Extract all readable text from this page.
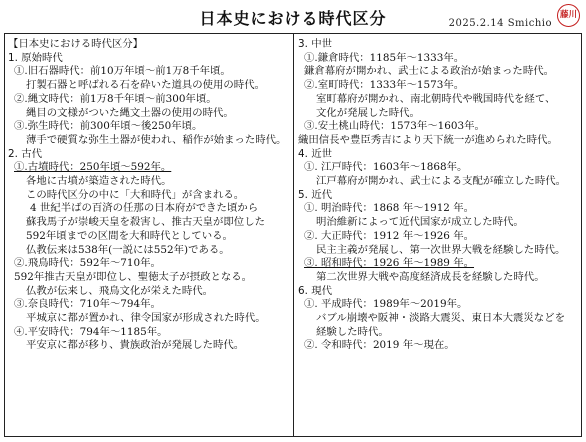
日本史における時代区分	2025.2.14 Smichio
藤川
【日本史における時代区分】
1. 原始時代
①.旧石器時代：前10万年頃～前1万8千年頃。
打製石器と呼ばれる石を砕いた道具の使用の時代。
②.縄文時代：前1万8千年頃～前300年頃。
縄目の文様がついた縄文土器の使用の時代。
③.弥生時代：前300年頃～後250年頃。
薄手で硬質な弥生土器が使われ、稲作が始まった時代。
2. 古代
①.古墳時代：250年頃～592年。
各地に古墳が築造された時代。
この時代区分の中に「大和時代」が含まれる。
4 世紀半ばの百済の任那の日本府ができた頃から
蘇我馬子が崇峻天皇を殺害し、推古天皇が即位した
592年頃までの区間を大和時代としている。
仏教伝来は538年(一説には552年)である。
②.飛鳥時代：592年～710年。
592年推古天皇が即位し、聖徳太子が摂政となる。
仏教が伝来し、飛鳥文化が栄えた時代。
③.奈良時代：710年～794年。
平城京に都が置かれ、律令国家が形成された時代。
④.平安時代：794年～1185年。
平安京に都が移り、貴族政治が発展した時代。
3. 中世
①.鎌倉時代：1185年～1333年。
鎌倉幕府が開かれ、武士による政治が始まった時代。
②.室町時代：1333年～1573年。
室町幕府が開かれ、南北朝時代や戦国時代を経て、
文化が発展した時代。
③.安土桃山時代：1573年～1603年。
織田信長や豊臣秀吉により天下統一が進められた時代。
4. 近世
①. 江戸時代：1603年～1868年。
江戸幕府が開かれ、武士による支配が確立した時代。
5. 近代
①. 明治時代：1868 年～1912 年。
明治維新によって近代国家が成立した時代。
②. 大正時代：1912 年～1926 年。
民主主義が発展し、第一次世界大戦を経験した時代。
③. 昭和時代：1926 年～1989 年。
第二次世界大戦や高度経済成長を経験した時代。
6. 現代
①. 平成時代：1989年～2019年。
バブル崩壊や阪神・淡路大震災、東日本大震災などを
経験した時代。
②. 令和時代：2019 年～現在。
